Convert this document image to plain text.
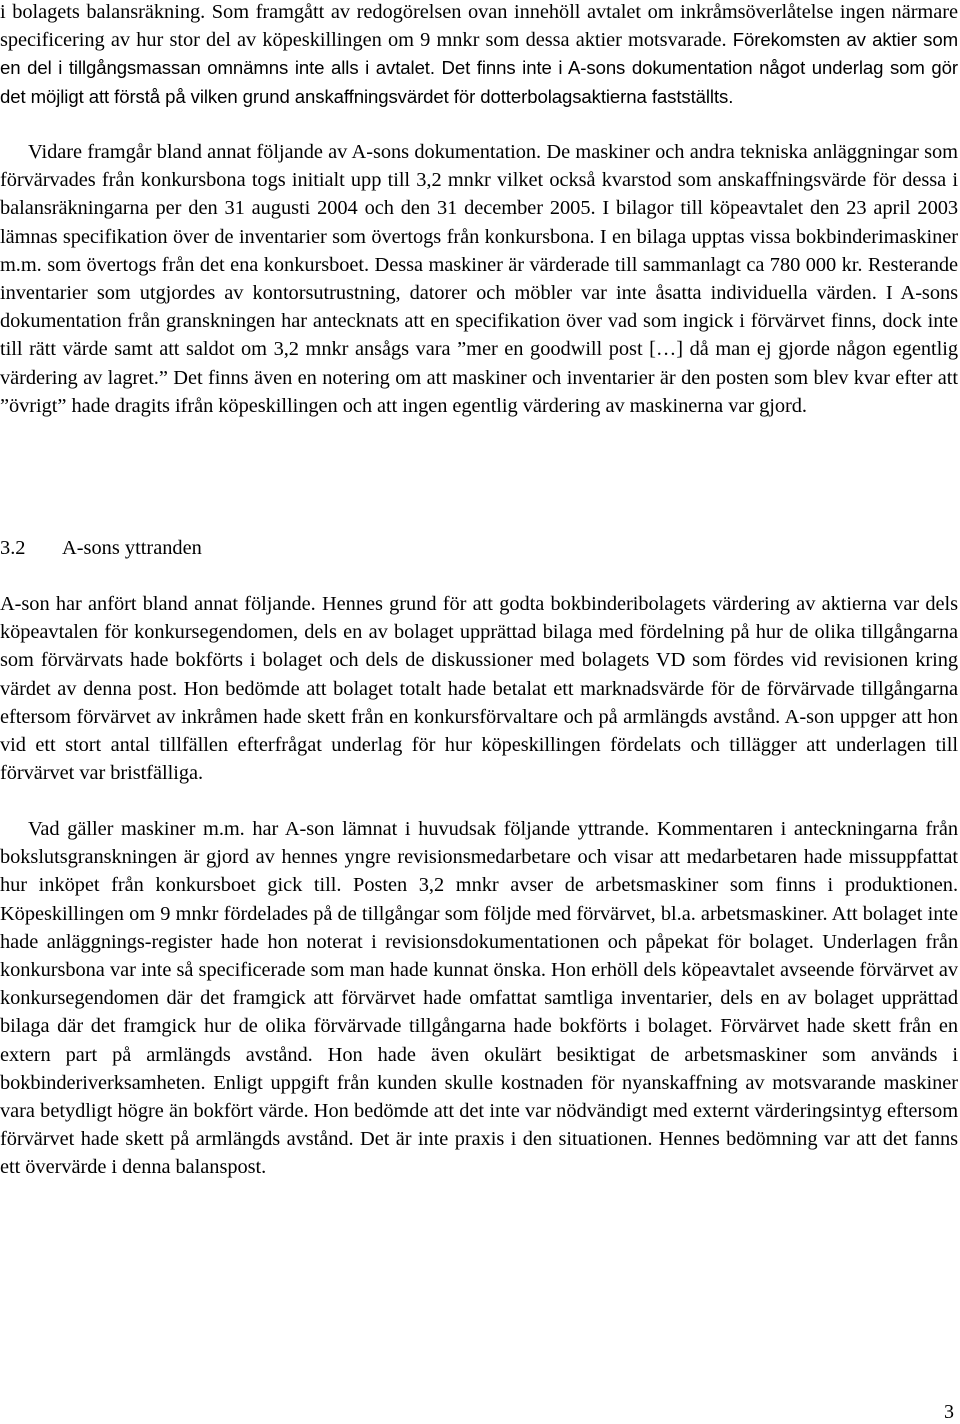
i bolagets balansräkning. Som framgått av redogörelsen ovan innehöll avtalet om inkråmsöverlåtelse ingen närmare specificering av hur stor del av köpeskillingen om 9 mnkr som dessa aktier motsvarade. Förekomsten av aktier som en del i tillgångsmassan omnämns inte alls i avtalet. Det finns inte i A-sons dokumentation något underlag som gör det möjligt att förstå på vilken grund anskaffningsvärdet för dotterbolagsaktierna fastställts.

Vidare framgår bland annat följande av A-sons dokumentation. De maskiner och andra tekniska anläggningar som förvärvades från konkursbona togs initialt upp till 3,2 mnkr vilket också kvarstod som anskaffningsvärde för dessa i balansräkningarna per den 31 augusti 2004 och den 31 december 2005. I bilagor till köpeavtalet den 23 april 2003 lämnas specifikation över de inventarier som övertogs från konkursbona. I en bilaga upptas vissa bokbinderimaskiner m.m. som övertogs från det ena konkursboet. Dessa maskiner är värderade till sammanlagt ca 780 000 kr. Resterande inventarier som utgjordes av kontorsutrustning, datorer och möbler var inte åsatta individuella värden. I A-sons dokumentation från granskningen har antecknats att en specifikation över vad som ingick i förvärvet finns, dock inte till rätt värde samt att saldot om 3,2 mnkr ansågs vara ”mer en goodwill post […] då man ej gjorde någon egentlig värdering av lagret.” Det finns även en notering om att maskiner och inventarier är den posten som blev kvar efter att ”övrigt” hade dragits ifrån köpeskillingen och att ingen egentlig värdering av maskinerna var gjord.

3.2 A-sons yttranden

A-son har anfört bland annat följande. Hennes grund för att godta bokbinderibolagets värdering av aktierna var dels köpeavtalen för konkursegendomen, dels en av bolaget upprättad bilaga med fördelning på hur de olika tillgångarna som förvärvats hade bokförts i bolaget och dels de diskussioner med bolagets VD som fördes vid revisionen kring värdet av denna post. Hon bedömde att bolaget totalt hade betalat ett marknadsvärde för de förvärvade tillgångarna eftersom förvärvet av inkråmen hade skett från en konkursförvaltare och på armlängds avstånd. A-son uppger att hon vid ett stort antal tillfällen efterfrågat underlag för hur köpeskillingen fördelats och tillägger att underlagen till förvärvet var bristfälliga.

Vad gäller maskiner m.m. har A-son lämnat i huvudsak följande yttrande. Kommentaren i anteckningarna från bokslutsgranskningen är gjord av hennes yngre revisionsmedarbetare och visar att medarbetaren hade missuppfattat hur inköpet från konkursboet gick till. Posten 3,2 mnkr avser de arbetsmaskiner som finns i produktionen. Köpeskillingen om 9 mnkr fördelades på de tillgångar som följde med förvärvet, bl.a. arbetsmaskiner. Att bolaget inte hade anläggnings-register hade hon noterat i revisionsdokumentationen och påpekat för bolaget. Underlagen från konkursbona var inte så specificerade som man hade kunnat önska. Hon erhöll dels köpeavtalet avseende förvärvet av konkursegendomen där det framgick att förvärvet hade omfattat samtliga inventarier, dels en av bolaget upprättad bilaga där det framgick hur de olika förvärvade tillgångarna hade bokförts i bolaget. Förvärvet hade skett från en extern part på armlängds avstånd. Hon hade även okulärt besiktigat de arbetsmaskiner som används i bokbinderiverksamheten. Enligt uppgift från kunden skulle kostnaden för nyanskaffning av motsvarande maskiner vara betydligt högre än bokfört värde. Hon bedömde att det inte var nödvändigt med externt värderingsintyg eftersom förvärvet hade skett på armlängds avstånd. Det är inte praxis i den situationen. Hennes bedömning var att det fanns ett övervärde i denna balanspost.

3
